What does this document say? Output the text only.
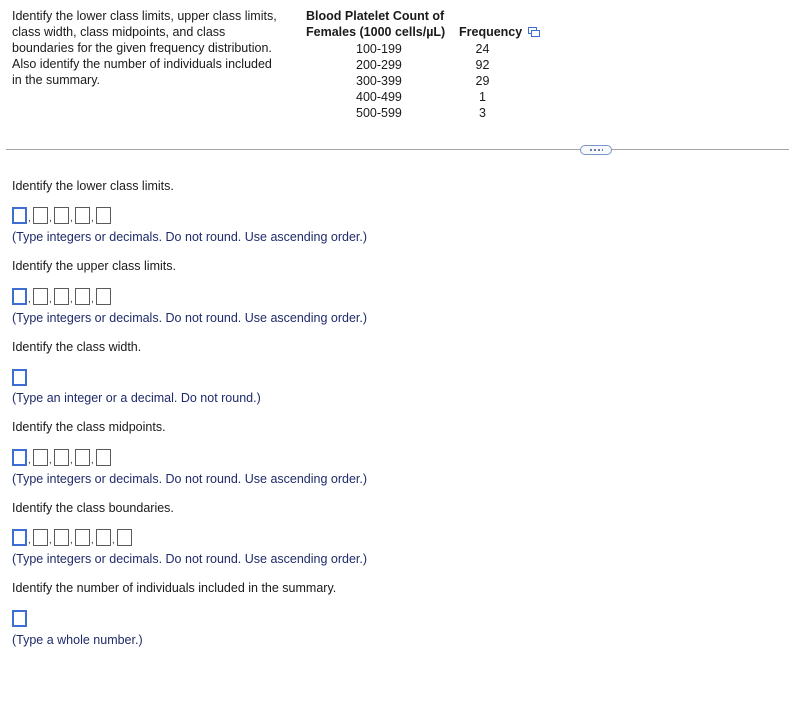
Identify the lower class limits, upper class limits,
class width, class midpoints, and class
boundaries for the given frequency distribution.
Also identify the number of individuals included
in the summary.
Blood Platelet Count of
Females (1000 cells/µL)	Frequency
100-199	24
200-299	92
300-399	29
400-499	1
500-599	3
Identify the lower class limits.
, , , ,
(Type integers or decimals. Do not round. Use ascending order.)
Identify the upper class limits.
, , , ,
(Type integers or decimals. Do not round. Use ascending order.)
Identify the class width.
(Type an integer or a decimal. Do not round.)
Identify the class midpoints.
, , , ,
(Type integers or decimals. Do not round. Use ascending order.)
Identify the class boundaries.
, , , , ,
(Type integers or decimals. Do not round. Use ascending order.)
Identify the number of individuals included in the summary.
(Type a whole number.)
